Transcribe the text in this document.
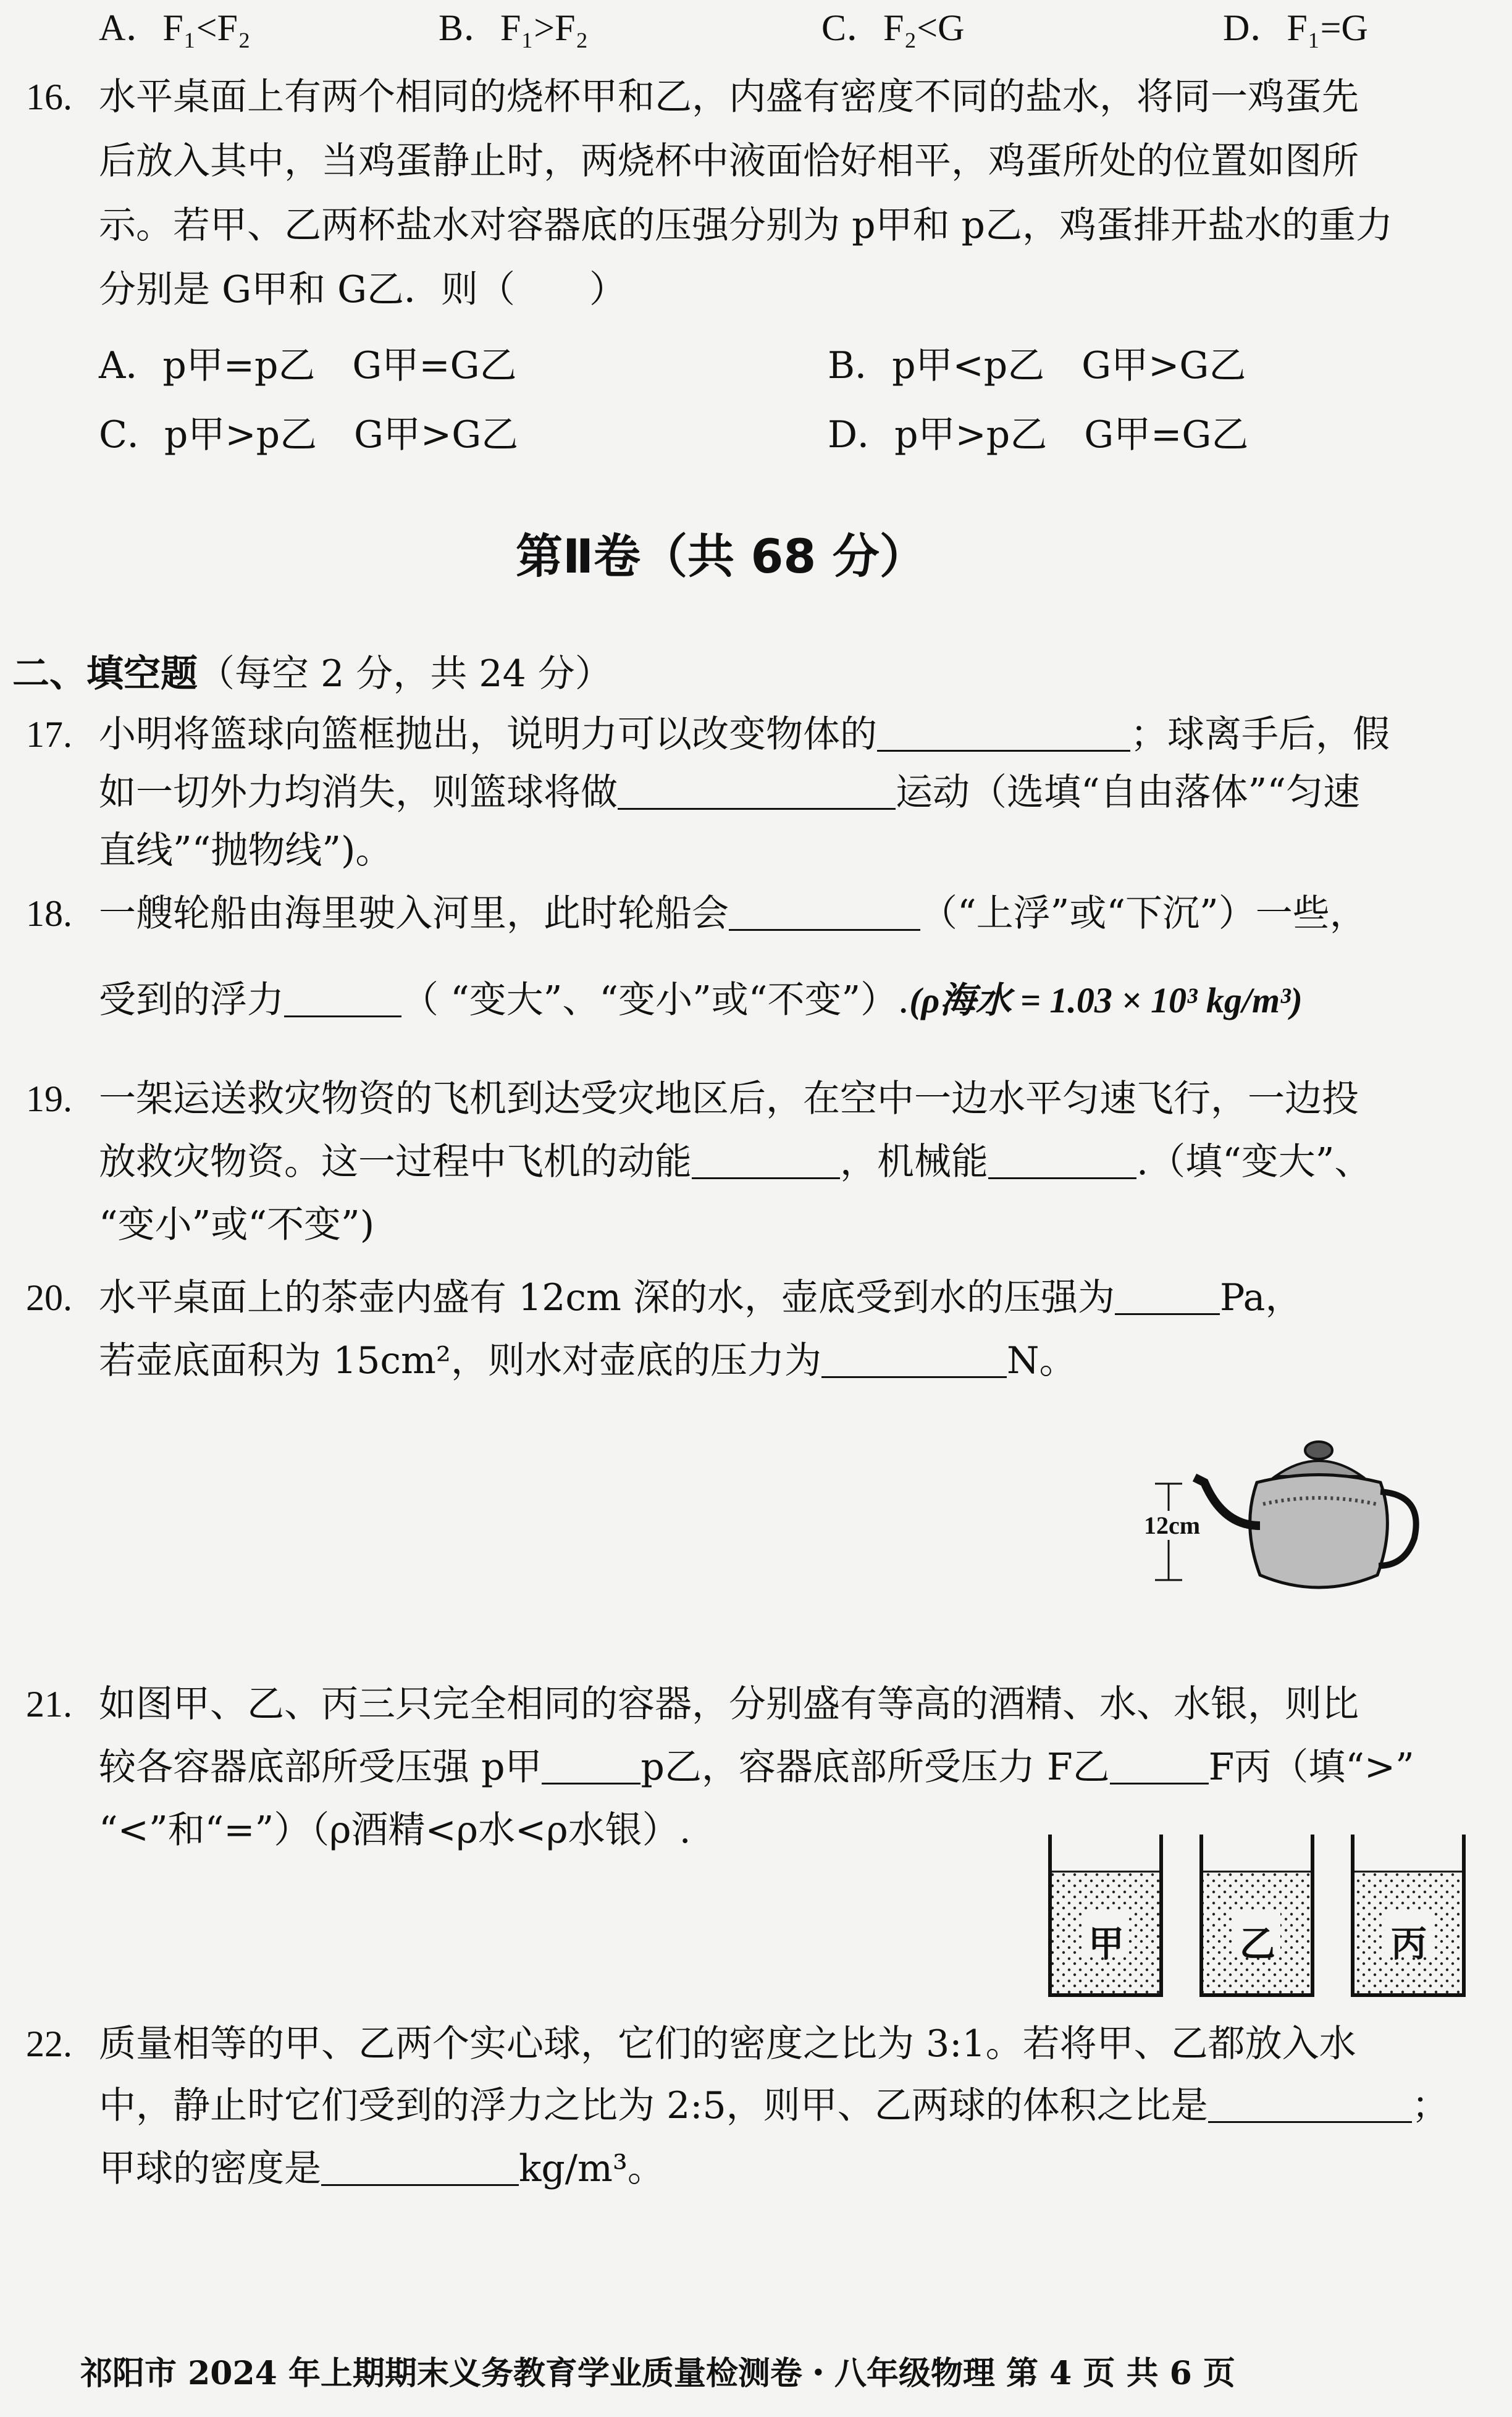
A．F₁<F₂	B．F₁>F₂	C．F₂<G	D．F₁=G
16. 水平桌面上有两个相同的烧杯甲和乙，内盛有密度不同的盐水，将同一鸡蛋先
后放入其中，当鸡蛋静止时，两烧杯中液面恰好相平，鸡蛋所处的位置如图所
示。若甲、乙两杯盐水对容器底的压强分别为 p甲和 p乙，鸡蛋排开盐水的重力
分别是 G甲和 G乙．则（　　）
A．p甲=p乙　G甲=G乙	B．p甲<p乙　G甲>G乙
C．p甲>p乙　G甲>G乙	D．p甲>p乙　G甲=G乙
第Ⅱ卷（共 68 分）
二、填空题（每空 2 分，共 24 分）
17. 小明将篮球向篮框抛出，说明力可以改变物体的	；球离手后，假
如一切外力均消失，则篮球将做	运动（选填“自由落体”“匀速
直线”“抛物线”)。
18. 一艘轮船由海里驶入河里，此时轮船会	（“上浮”或“下沉”）一些，
受到的浮力	（ “变大”、“变小”或“不变”）.(ρ海水 = 1.03 × 10³ kg/m³)
19. 一架运送救灾物资的飞机到达受灾地区后，在空中一边水平匀速飞行，一边投
放救灾物资。这一过程中飞机的动能	，机械能	.（填“变大”、
“变小”或“不变”)
20. 水平桌面上的茶壶内盛有 12cm 深的水，壶底受到水的压强为	Pa，
若壶底面积为 15cm²，则水对壶底的压力为	N。
12cm
21. 如图甲、乙、丙三只完全相同的容器，分别盛有等高的酒精、水、水银，则比
较各容器底部所受压强 p甲	p乙，容器底部所受压力 F乙	F丙（填“>”
“<”和“=”）（ρ酒精<ρ水<ρ水银）.
甲	乙	丙
22. 质量相等的甲、乙两个实心球，它们的密度之比为 3:1。若将甲、乙都放入水
中，静止时它们受到的浮力之比为 2:5，则甲、乙两球的体积之比是	；
甲球的密度是	kg/m³。
祁阳市 2024 年上期期末义务教育学业质量检测卷・八年级物理 第 4 页 共 6 页
